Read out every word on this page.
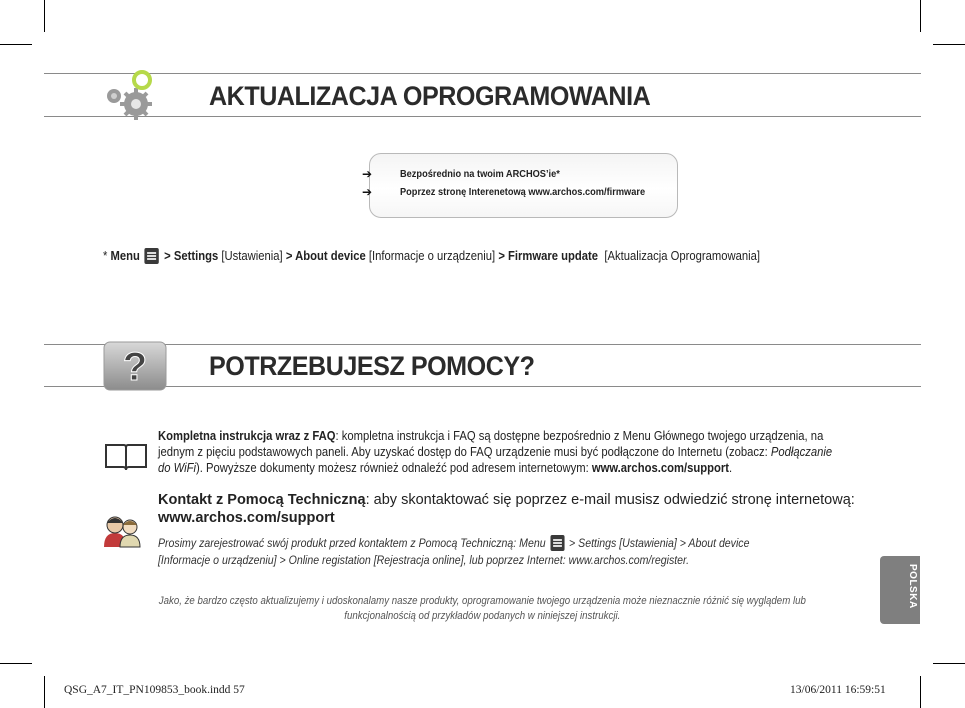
AKTUALIZACJA OPROGRAMOWANIA
➔	Bezpośrednio na twoim ARCHOS’ie*
➔	Poprzez stronę Interenetową www.archos.com/firmware
* Menu > Settings [Ustawienia] > About device [Informacje o urządzeniu] > Firmware update [Aktualizacja Oprogramowania]
? POTRZEBUJESZ POMOCY?
Kompletna instrukcja wraz z FAQ: kompletna instrukcja i FAQ są dostępne bezpośrednio z Menu Głównego twojego urządzenia, na
jednym z pięciu podstawowych paneli. Aby uzyskać dostęp do FAQ urządzenie musi być podłączone do Internetu (zobacz: Podłączanie
do WiFi). Powyższe dokumenty możesz również odnaleźć pod adresem internetowym: www.archos.com/support.
Kontakt z Pomocą Techniczną: aby skontaktować się poprzez e-mail musisz odwiedzić stronę internetową:
www.archos.com/support
Prosimy zarejestrować swój produkt przed kontaktem z Pomocą Techniczną: Menu > Settings [Ustawienia] > About device
[Informacje o urządzeniu] > Online registation [Rejestracja online], lub poprzez Internet: www.archos.com/register.
Jako, że bardzo często aktualizujemy i udoskonalamy nasze produkty, oprogramowanie twojego urządzenia może nieznacznie różnić się wyglądem lub
funkcjonalnością od przykładów podanych w niniejszej instrukcji.
POLSKA
QSG_A7_IT_PN109853_book.indd 57	13/06/2011 16:59:51
